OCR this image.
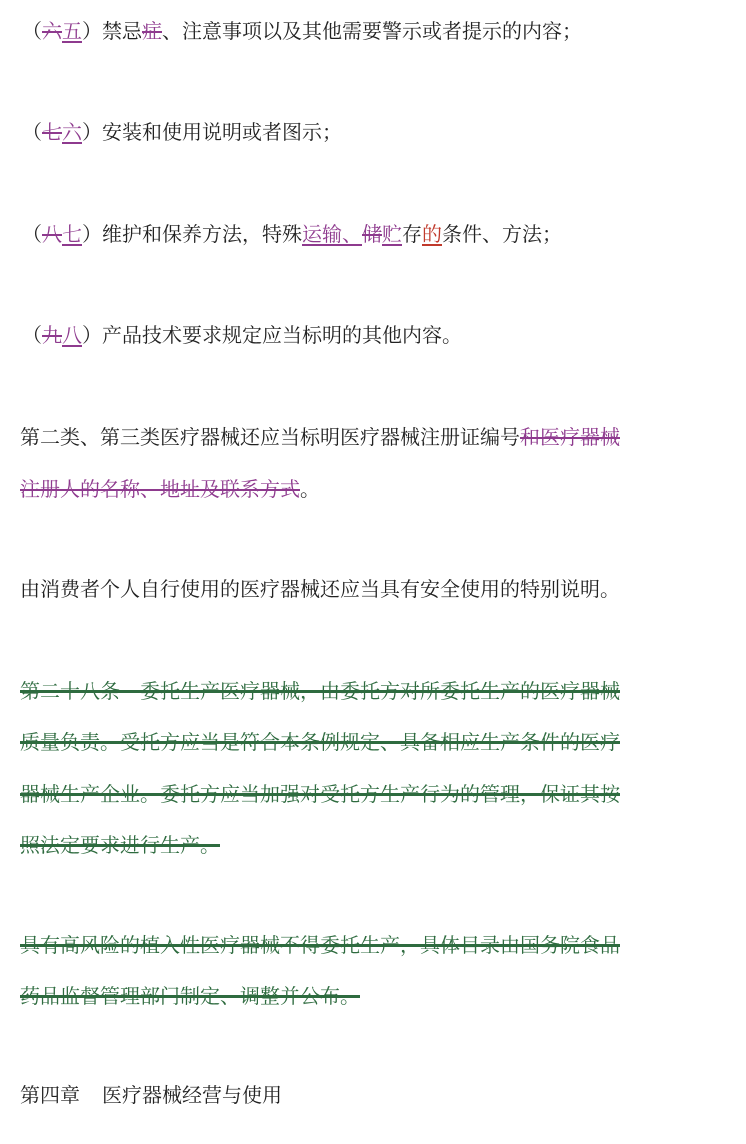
（六五）禁忌症、注意事项以及其他需要警示或者提示的内容；
（七六）安装和使用说明或者图示；
（八七）维护和保养方法，特殊运输、储贮存的条件、方法；
（九八）产品技术要求规定应当标明的其他内容。
第二类、第三类医疗器械还应当标明医疗器械注册证编号和医疗器械
注册人的名称、地址及联系方式。
由消费者个人自行使用的医疗器械还应当具有安全使用的特别说明。
第二十八条　委托生产医疗器械，由委托方对所委托生产的医疗器械
质量负责。受托方应当是符合本条例规定、具备相应生产条件的医疗
器械生产企业。委托方应当加强对受托方生产行为的管理，保证其按
照法定要求进行生产。
具有高风险的植入性医疗器械不得委托生产，具体目录由国务院食品
药品监督管理部门制定、调整并公布。
第四章 医疗器械经营与使用
